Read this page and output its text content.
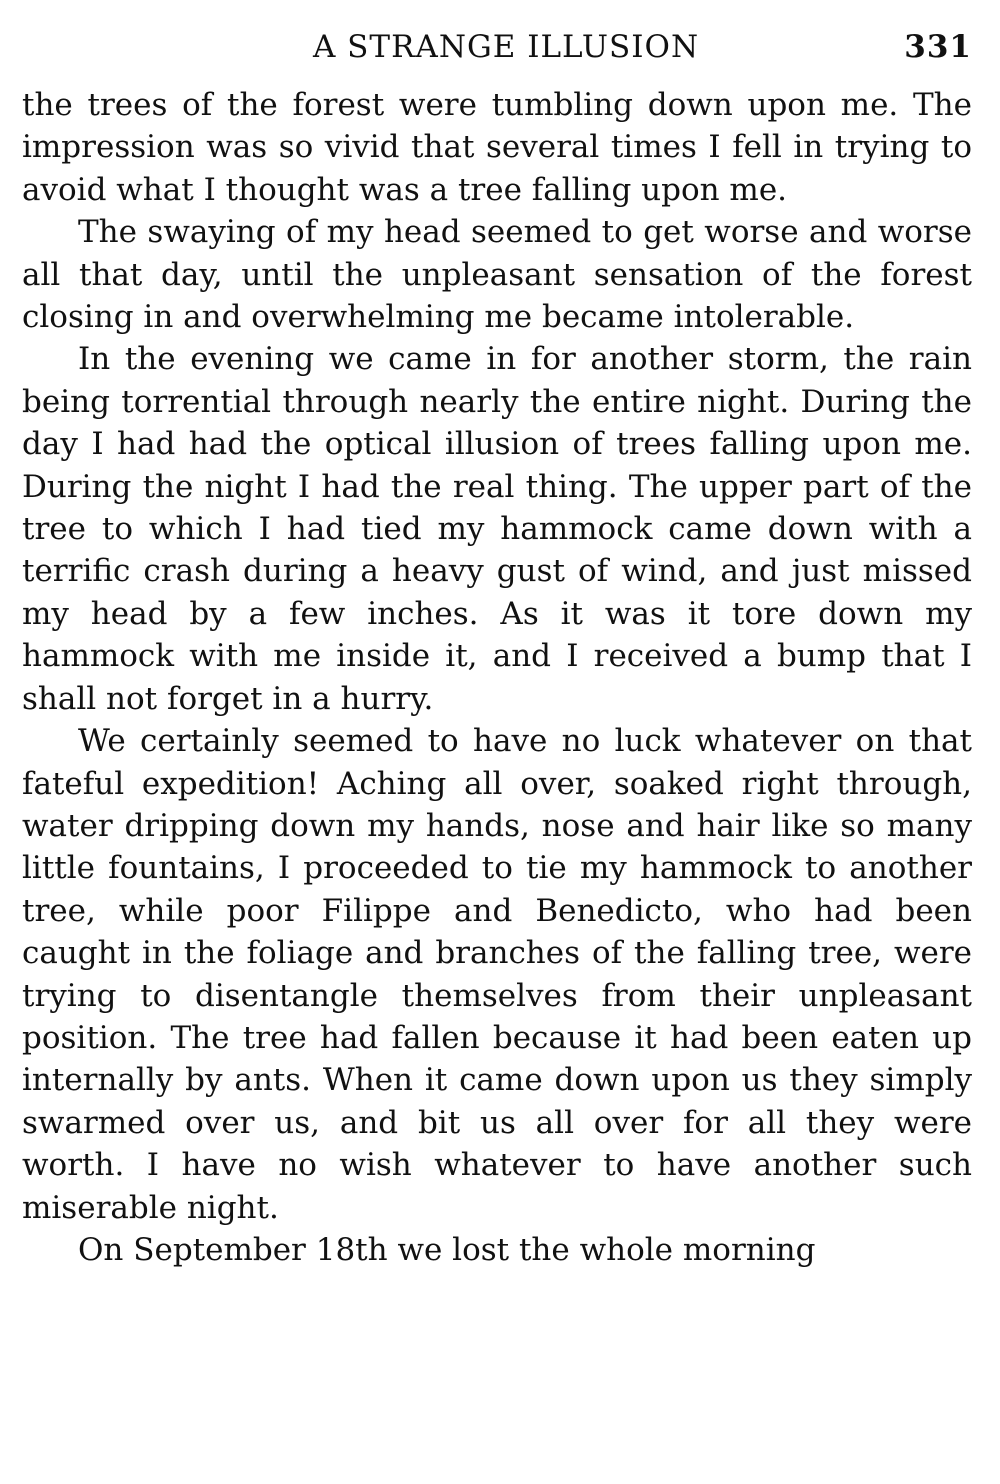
A STRANGE ILLUSION	331

the trees of the forest were tumbling down upon me. The impression was so vivid that several times I fell in trying to avoid what I thought was a tree falling upon me.

The swaying of my head seemed to get worse and worse all that day, until the unpleasant sensation of the forest closing in and overwhelming me became intolerable.

In the evening we came in for another storm, the rain being torrential through nearly the entire night. During the day I had had the optical illusion of trees falling upon me. During the night I had the real thing. The upper part of the tree to which I had tied my hammock came down with a terrific crash during a heavy gust of wind, and just missed my head by a few inches. As it was it tore down my hammock with me inside it, and I received a bump that I shall not forget in a hurry.

We certainly seemed to have no luck whatever on that fateful expedition! Aching all over, soaked right through, water dripping down my hands, nose and hair like so many little fountains, I proceeded to tie my hammock to another tree, while poor Filippe and Benedicto, who had been caught in the foliage and branches of the falling tree, were trying to disentangle themselves from their unpleasant position. The tree had fallen because it had been eaten up internally by ants. When it came down upon us they simply swarmed over us, and bit us all over for all they were worth. I have no wish whatever to have another such miserable night.

On September 18th we lost the whole morning
